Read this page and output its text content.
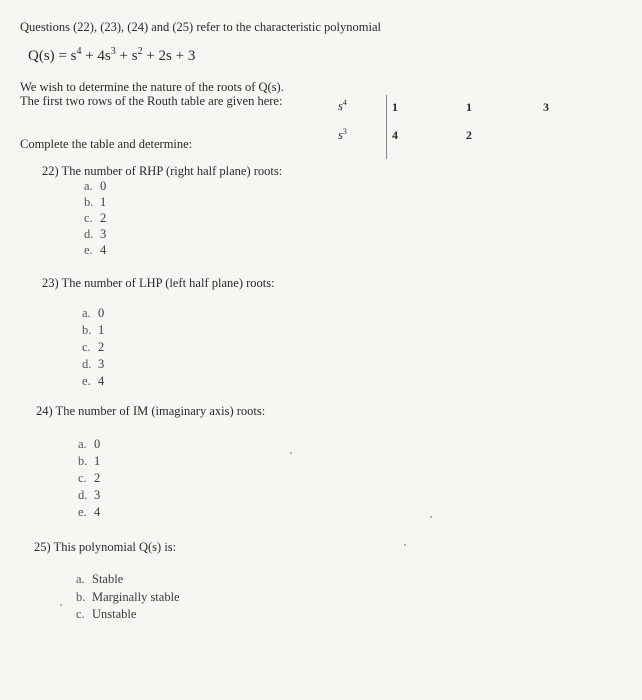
Questions (22), (23), (24) and (25) refer to the characteristic polynomial
$Q(s) = s^4 + 4s^3 + s^2 + 2s + 3$
We wish to determine the nature of the roots of Q(s).
The first two rows of the Routh table are given here:	$s^4$	1	1	3
$s^3$	4	2
Complete the table and determine:
22) The number of RHP (right half plane) roots:
a. 0
b. 1
c. 2
d. 3
e. 4
23) The number of LHP (left half plane) roots:
a. 0
b. 1
c. 2
d. 3
e. 4
24) The number of IM (imaginary axis) roots:
a. 0
b. 1
c. 2
d. 3
e. 4
25) This polynomial Q(s) is:
a. Stable
b. Marginally stable
c. Unstable
